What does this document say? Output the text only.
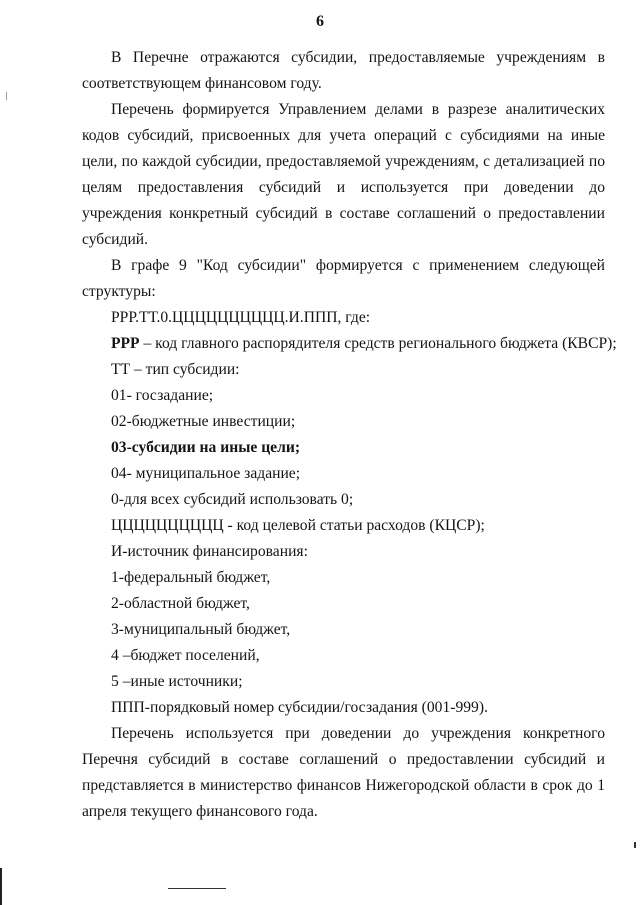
6

В Перечне отражаются субсидии, предоставляемые учреждениям в соответствующем финансовом году.

Перечень формируется Управлением делами в разрезе аналитических кодов субсидий, присвоенных для учета операций с субсидиями на иные цели, по каждой субсидии, предоставляемой учреждениям, с детализацией по целям предоставления субсидий и используется при доведении до учреждения конкретный субсидий в составе соглашений о предоставлении субсидий.

В графе 9 "Код субсидии" формируется с применением следующей структуры:

РРР.ТТ.0.ЦЦЦЦЦЦЦЦЦЦ.И.ППП, где:

РРР – код главного распорядителя средств регионального бюджета (КВСР);

ТТ – тип субсидии:

01- госзадание;

02-бюджетные инвестиции;

03-субсидии на иные цели;

04- муниципальное задание;

0-для всех субсидий использовать 0;

ЦЦЦЦЦЦЦЦЦЦ - код целевой статьи расходов (КЦСР);

И-источник финансирования:

1-федеральный бюджет,

2-областной бюджет,

3-муниципальный бюджет,

4 –бюджет поселений,

5 –иные источники;

ППП-порядковый номер субсидии/госзадания (001-999).

Перечень используется при доведении до учреждения конкретного Перечня субсидий в составе соглашений о предоставлении субсидий и представляется в министерство финансов Нижегородской области в срок до 1 апреля текущего финансового года.
